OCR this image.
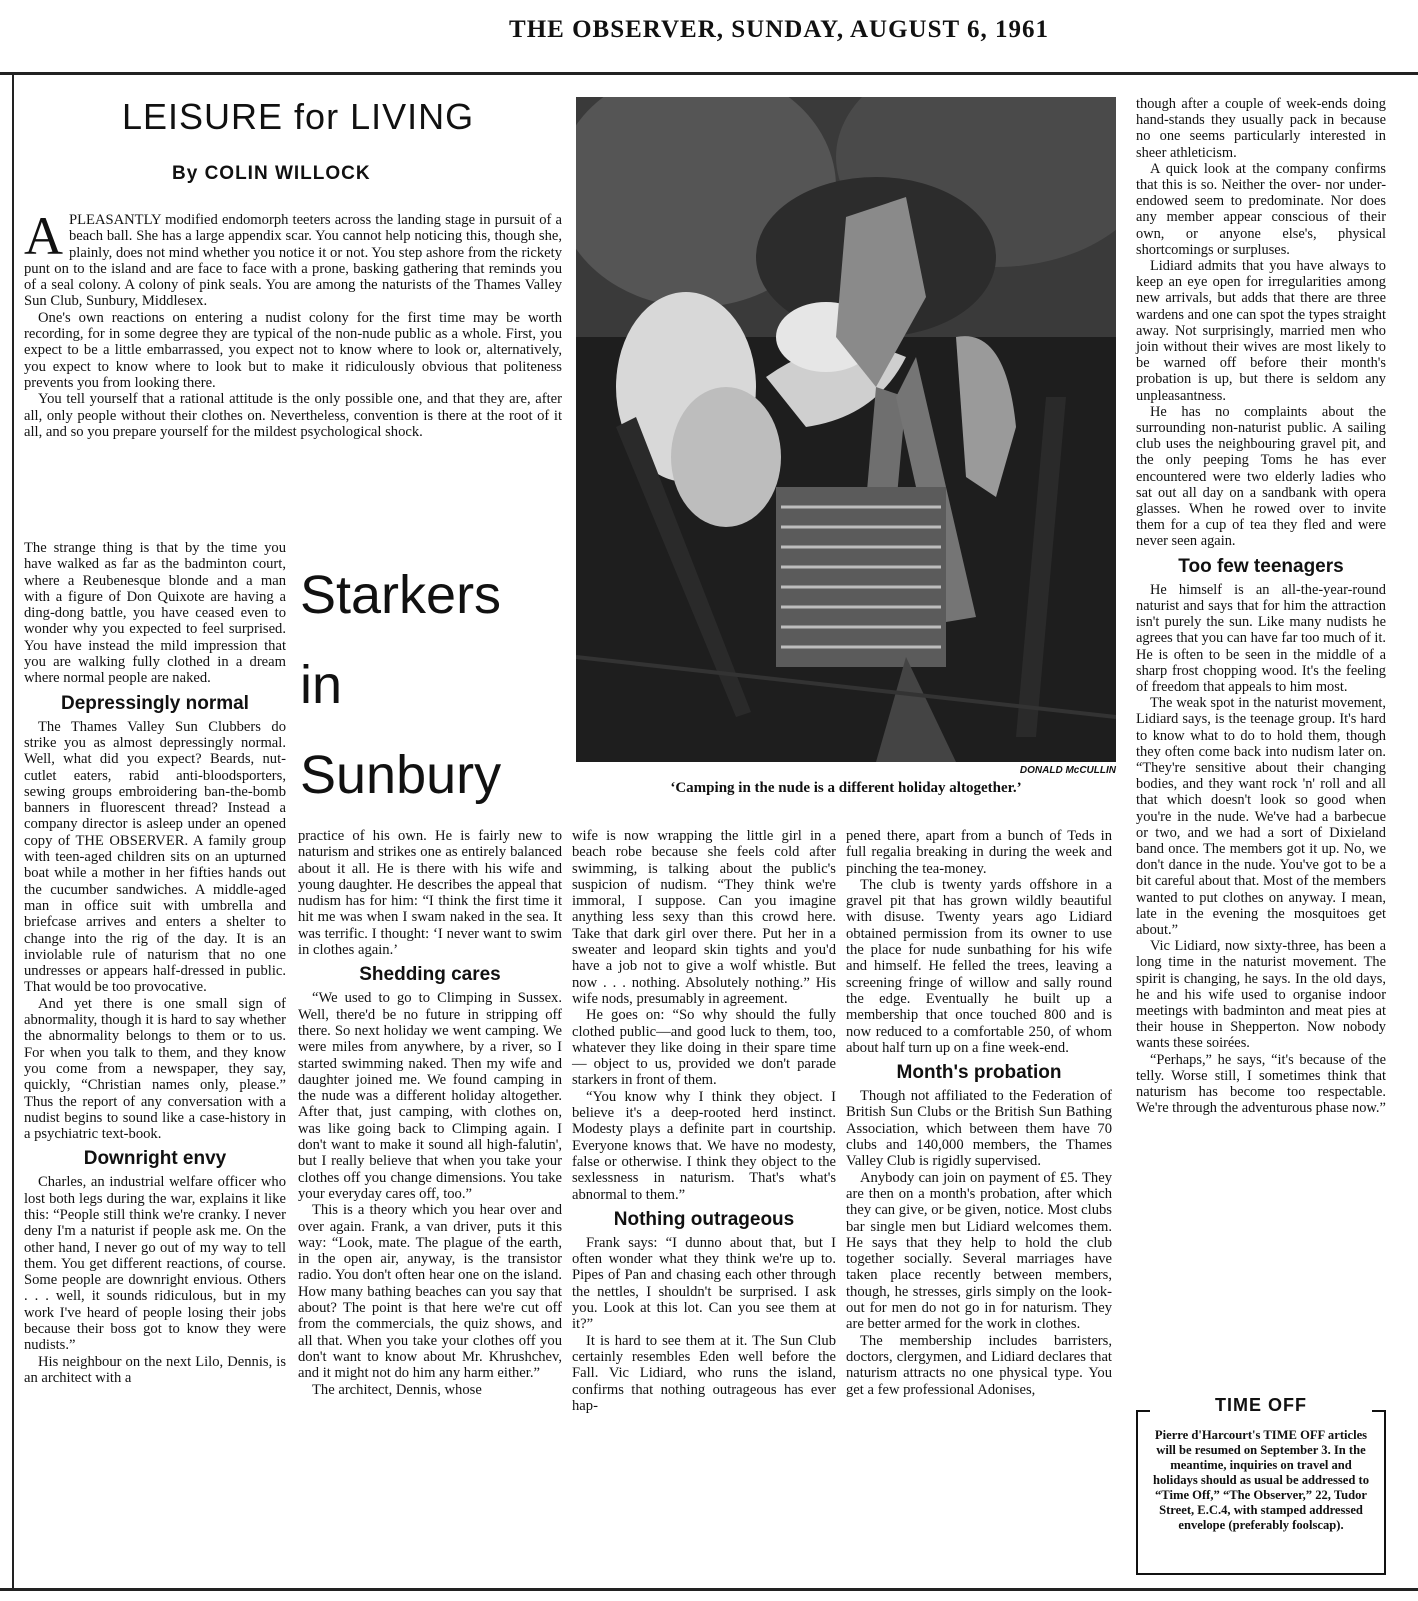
THE OBSERVER, SUNDAY, AUGUST 6, 1961
LEISURE for LIVING
By COLIN WILLOCK

APLEASANTLY modified endomorph teeters across the landing stage in pursuit of a beach ball. She has a large appendix scar. You cannot help noticing this, though she, plainly, does not mind whether you notice it or not. You step ashore from the rickety punt on to the island and are face to face with a prone, basking gathering that reminds you of a seal colony. A colony of pink seals. You are among the naturists of the Thames Valley Sun Club, Sunbury, Middlesex.

One's own reactions on entering a nudist colony for the first time may be worth recording, for in some degree they are typical of the non-nude public as a whole. First, you expect to be a little embarrassed, you expect not to know where to look or, alternatively, you expect to know where to look but to make it ridiculously obvious that politeness prevents you from looking there.

You tell yourself that a rational attitude is the only possible one, and that they are, after all, only people without their clothes on. Nevertheless, convention is there at the root of it all, and so you prepare yourself for the mildest psychological shock.

Starkers
in
Sunbury

The strange thing is that by the time you have walked as far as the badminton court, where a Reubenesque blonde and a man with a figure of Don Quixote are having a ding-dong battle, you have ceased even to wonder why you expected to feel surprised. You have instead the mild impression that you are walking fully clothed in a dream where normal people are naked.

Depressingly normal

The Thames Valley Sun Clubbers do strike you as almost depressingly normal. Well, what did you expect? Beards, nut-cutlet eaters, rabid anti-bloodsporters, sewing groups embroidering ban-the-bomb banners in fluorescent thread? Instead a company director is asleep under an opened copy of THE OBSERVER. A family group with teen-aged children sits on an upturned boat while a mother in her fifties hands out the cucumber sandwiches. A middle-aged man in office suit with umbrella and briefcase arrives and enters a shelter to change into the rig of the day. It is an inviolable rule of naturism that no one undresses or appears half-dressed in public. That would be too provocative.

And yet there is one small sign of abnormality, though it is hard to say whether the abnormality belongs to them or to us. For when you talk to them, and they know you come from a newspaper, they say, quickly, “Christian names only, please.” Thus the report of any conversation with a nudist begins to sound like a case-history in a psychiatric text-book.

Downright envy

Charles, an industrial welfare officer who lost both legs during the war, explains it like this: “People still think we're cranky. I never deny I'm a naturist if people ask me. On the other hand, I never go out of my way to tell them. You get different reactions, of course. Some people are downright envious. Others . . . well, it sounds ridiculous, but in my work I've heard of people losing their jobs because their boss got to know they were nudists.”

His neighbour on the next Lilo, Dennis, is an architect with a

practice of his own. He is fairly new to naturism and strikes one as entirely balanced about it all. He is there with his wife and young daughter. He describes the appeal that nudism has for him: “I think the first time it hit me was when I swam naked in the sea. It was terrific. I thought: ‘I never want to swim in clothes again.’

Shedding cares

“We used to go to Climping in Sussex. Well, there'd be no future in stripping off there. So next holiday we went camping. We were miles from anywhere, by a river, so I started swimming naked. Then my wife and daughter joined me. We found camping in the nude was a different holiday altogether. After that, just camping, with clothes on, was like going back to Climping again. I don't want to make it sound all high-falutin', but I really believe that when you take your clothes off you change dimensions. You take your everyday cares off, too.”

This is a theory which you hear over and over again. Frank, a van driver, puts it this way: “Look, mate. The plague of the earth, in the open air, anyway, is the transistor radio. You don't often hear one on the island. How many bathing beaches can you say that about? The point is that here we're cut off from the commercials, the quiz shows, and all that. When you take your clothes off you don't want to know about Mr. Khrushchev, and it might not do him any harm either.”

The architect, Dennis, whose

DONALD McCULLIN
‘Camping in the nude is a different holiday altogether.’

wife is now wrapping the little girl in a beach robe because she feels cold after swimming, is talking about the public's suspicion of nudism. “They think we're immoral, I suppose. Can you imagine anything less sexy than this crowd here. Take that dark girl over there. Put her in a sweater and leopard skin tights and you'd have a job not to give a wolf whistle. But now . . . nothing. Absolutely nothing.” His wife nods, presumably in agreement.

He goes on: “So why should the fully clothed public—and good luck to them, too, whatever they like doing in their spare time — object to us, provided we don't parade starkers in front of them.

“You know why I think they object. I believe it's a deep-rooted herd instinct. Modesty plays a definite part in courtship. Everyone knows that. We have no modesty, false or otherwise. I think they object to the sexlessness in naturism. That's what's abnormal to them.”

Nothing outrageous

Frank says: “I dunno about that, but I often wonder what they think we're up to. Pipes of Pan and chasing each other through the nettles, I shouldn't be surprised. I ask you. Look at this lot. Can you see them at it?”

It is hard to see them at it. The Sun Club certainly resembles Eden well before the Fall. Vic Lidiard, who runs the island, confirms that nothing outrageous has ever hap-

pened there, apart from a bunch of Teds in full regalia breaking in during the week and pinching the tea-money.

The club is twenty yards offshore in a gravel pit that has grown wildly beautiful with disuse. Twenty years ago Lidiard obtained permission from its owner to use the place for nude sunbathing for his wife and himself. He felled the trees, leaving a screening fringe of willow and sally round the edge. Eventually he built up a membership that once touched 800 and is now reduced to a comfortable 250, of whom about half turn up on a fine week-end.

Month's probation

Though not affiliated to the Federation of British Sun Clubs or the British Sun Bathing Association, which between them have 70 clubs and 140,000 members, the Thames Valley Club is rigidly supervised.

Anybody can join on payment of £5. They are then on a month's probation, after which they can give, or be given, notice. Most clubs bar single men but Lidiard welcomes them. He says that they help to hold the club together socially. Several marriages have taken place recently between members, though, he stresses, girls simply on the look-out for men do not go in for naturism. They are better armed for the work in clothes.

The membership includes barristers, doctors, clergymen, and Lidiard declares that naturism attracts no one physical type. You get a few professional Adonises,

though after a couple of week-ends doing hand-stands they usually pack in because no one seems particularly interested in sheer athleticism.

A quick look at the company confirms that this is so. Neither the over- nor under-endowed seem to predominate. Nor does any member appear conscious of their own, or anyone else's, physical shortcomings or surpluses.

Lidiard admits that you have always to keep an eye open for irregularities among new arrivals, but adds that there are three wardens and one can spot the types straight away. Not surprisingly, married men who join without their wives are most likely to be warned off before their month's probation is up, but there is seldom any unpleasantness.

He has no complaints about the surrounding non-naturist public. A sailing club uses the neighbouring gravel pit, and the only peeping Toms he has ever encountered were two elderly ladies who sat out all day on a sandbank with opera glasses. When he rowed over to invite them for a cup of tea they fled and were never seen again.

Too few teenagers

He himself is an all-the-year-round naturist and says that for him the attraction isn't purely the sun. Like many nudists he agrees that you can have far too much of it. He is often to be seen in the middle of a sharp frost chopping wood. It's the feeling of freedom that appeals to him most.

The weak spot in the naturist movement, Lidiard says, is the teenage group. It's hard to know what to do to hold them, though they often come back into nudism later on. “They're sensitive about their changing bodies, and they want rock 'n' roll and all that which doesn't look so good when you're in the nude. We've had a barbecue or two, and we had a sort of Dixieland band once. The members got it up. No, we don't dance in the nude. You've got to be a bit careful about that. Most of the members wanted to put clothes on anyway. I mean, late in the evening the mosquitoes get about.”

Vic Lidiard, now sixty-three, has been a long time in the naturist movement. The spirit is changing, he says. In the old days, he and his wife used to organise indoor meetings with badminton and meat pies at their house in Shepperton. Now nobody wants these soirées.

“Perhaps,” he says, “it's because of the telly. Worse still, I sometimes think that naturism has become too respectable. We're through the adventurous phase now.”

TIME OFF
Pierre d'Harcourt's TIME OFF articles will be resumed on September 3. In the meantime, inquiries on travel and holidays should as usual be addressed to “Time Off,” “The Observer,” 22, Tudor Street, E.C.4, with stamped addressed envelope (preferably foolscap).
